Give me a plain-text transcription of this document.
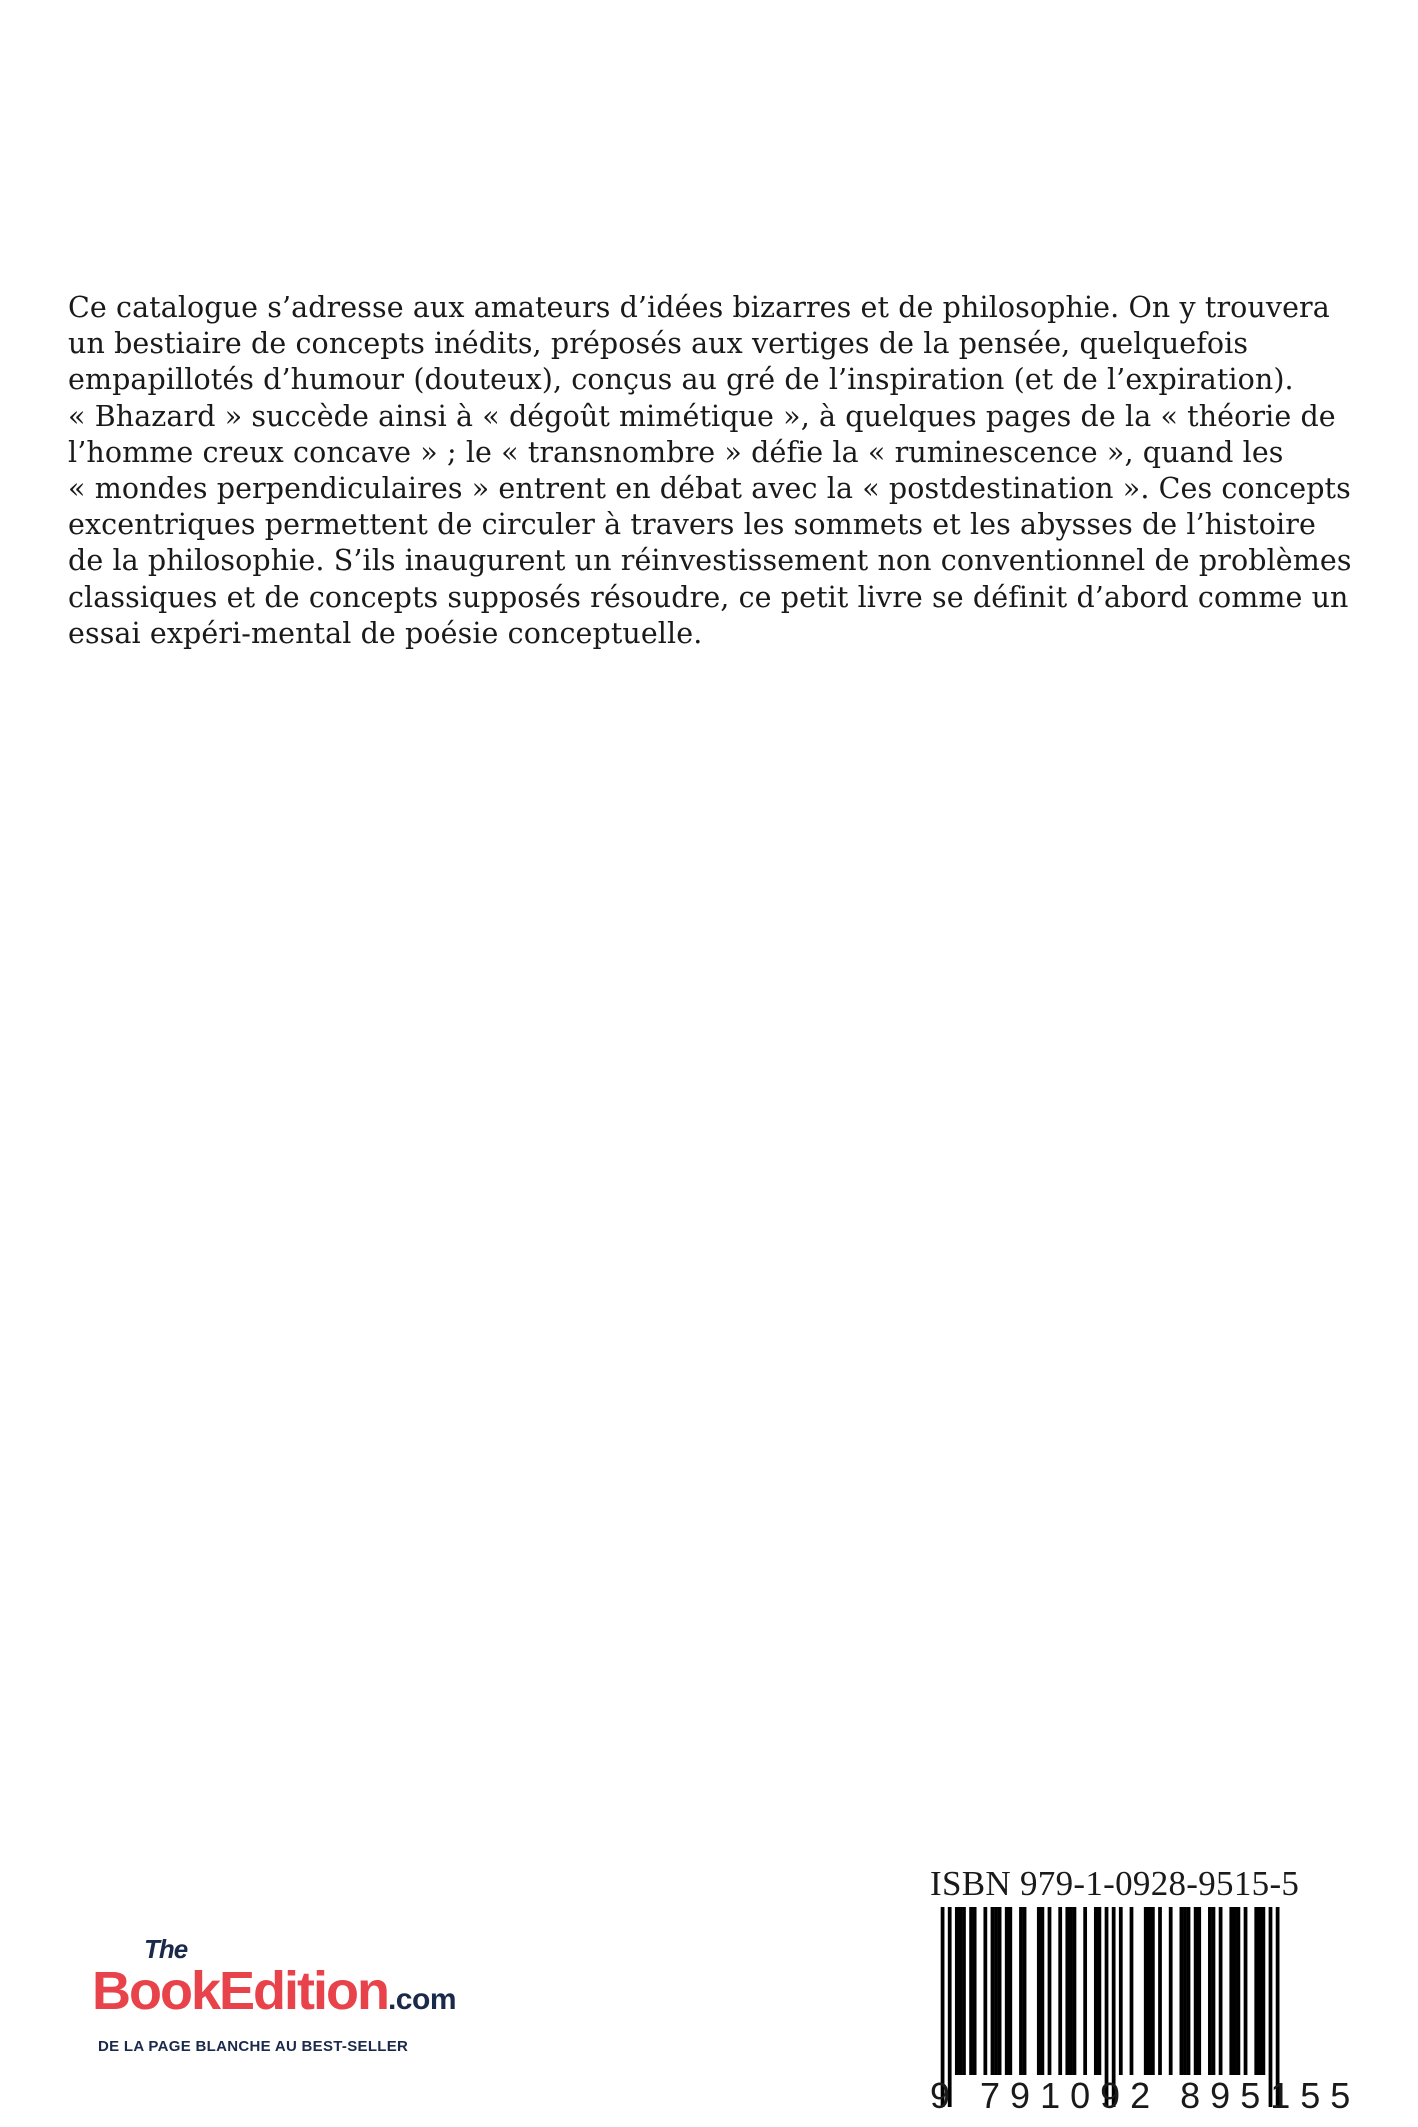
Ce catalogue s’adresse aux amateurs d’idées bizarres et de philosophie. On y trouvera
un bestiaire de concepts inédits, préposés aux vertiges de la pensée, quelquefois
empapillotés d’humour (douteux), conçus au gré de l’inspiration (et de l’expiration).
« Bhazard » succède ainsi à « dégoût mimétique », à quelques pages de la « théorie de
l’homme creux concave » ; le « transnombre » défie la « ruminescence », quand les
« mondes perpendiculaires » entrent en débat avec la « postdestination ». Ces concepts
excentriques permettent de circuler à travers les sommets et les abysses de l’histoire
de la philosophie. S’ils inaugurent un réinvestissement non conventionnel de problèmes
classiques et de concepts supposés résoudre, ce petit livre se définit d’abord comme un
essai expéri-mental de poésie conceptuelle.
The
BookEdition.com
DE LA PAGE BLANCHE AU BEST-SELLER
ISBN 979-1-0928-9515-5
9 791092 895155
